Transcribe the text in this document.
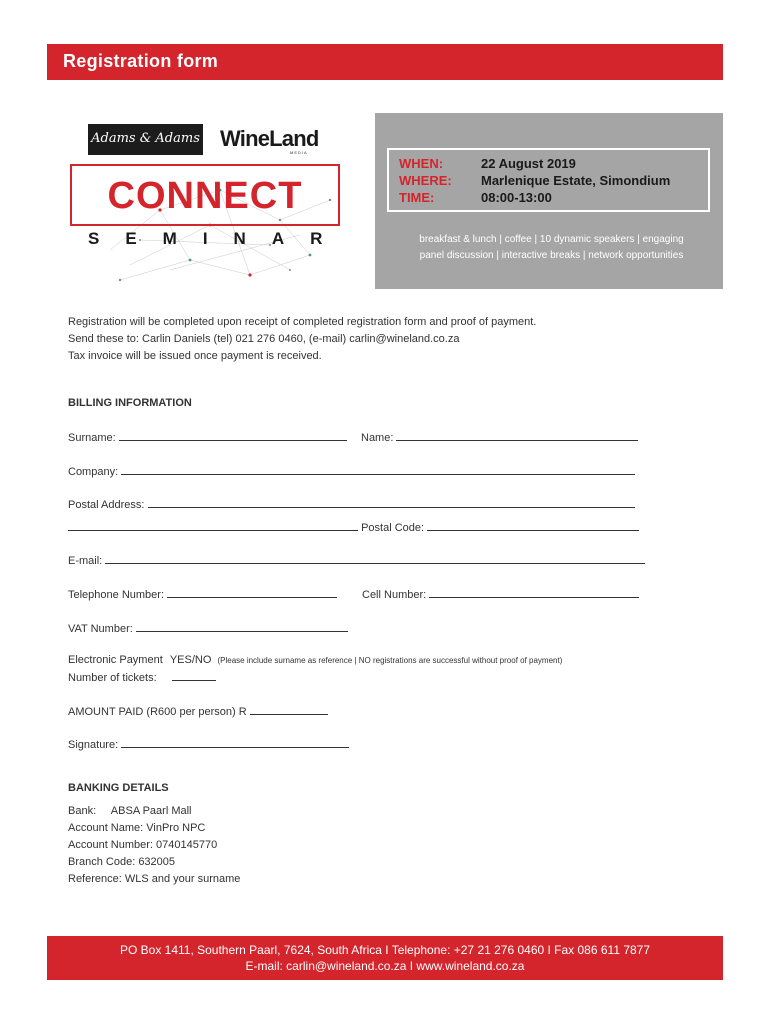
Registration form
Adams & Adams WineLand
MEDIA
CONNECT
SEMINAR
WHEN:	22 August 2019
WHERE: Marlenique Estate, Simondium
TIME:	08:00-13:00
breakfast & lunch | coffee | 10 dynamic speakers | engaging
panel discussion | interactive breaks | network opportunities
Registration will be completed upon receipt of completed registration form and proof of payment.
Send these to: Carlin Daniels (tel) 021 276 0460, (e-mail) carlin@wineland.co.za
Tax invoice will be issued once payment is received.
BILLING INFORMATION
Surname:	Name:
Company:
Postal Address:
Postal Code:
E-mail:
Telephone Number:	Cell Number:
VAT Number:
Electronic Payment YES/NO (Please include surname as reference | NO registrations are successful without proof of payment)
Number of tickets:
AMOUNT PAID (R600 per person) R
Signature:
BANKING DETAILS
Bank:     ABSA Paarl Mall
Account Name: VinPro NPC
Account Number: 0740145770
Branch Code: 632005
Reference: WLS and your surname
PO Box 1411, Southern Paarl, 7624, South Africa I Telephone: +27 21 276 0460 I Fax 086 611 7877
E-mail: carlin@wineland.co.za I www.wineland.co.za
